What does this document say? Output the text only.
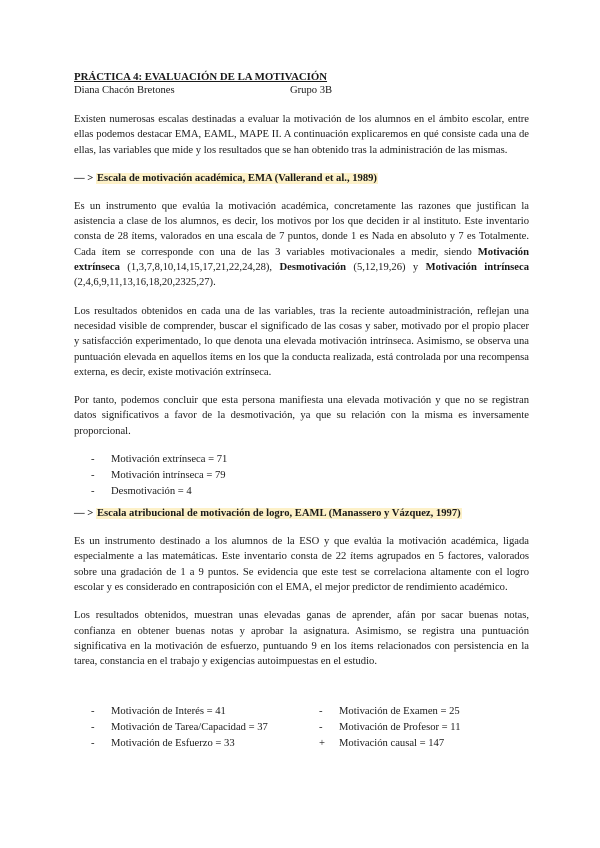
PRÁCTICA 4: EVALUACIÓN DE LA MOTIVACIÓN

Diana Chacón Bretones	Grupo 3B

Existen numerosas escalas destinadas a evaluar la motivación de los alumnos en el ámbito escolar, entre ellas podemos destacar EMA, EAML, MAPE II. A continuación explicaremos en qué consiste cada una de ellas, las variables que mide y los resultados que se han obtenido tras la administración de las mismas.

— > Escala de motivación académica, EMA (Vallerand et al., 1989)

Es un instrumento que evalúa la motivación académica, concretamente las razones que justifican la asistencia a clase de los alumnos, es decir, los motivos por los que deciden ir al instituto. Este inventario consta de 28 ítems, valorados en una escala de 7 puntos, donde 1 es Nada en absoluto y 7 es Totalmente. Cada ítem se corresponde con una de las 3 variables motivacionales a medir, siendo Motivación extrínseca (1,3,7,8,10,14,15,17,21,22,24,28), Desmotivación (5,12,19,26) y Motivación intrínseca (2,4,6,9,11,13,16,18,20,2325,27).

Los resultados obtenidos en cada una de las variables, tras la reciente autoadministración, reflejan una necesidad visible de comprender, buscar el significado de las cosas y saber, motivado por el propio placer y satisfacción experimentado, lo que denota una elevada motivación intrínseca. Asimismo, se observa una puntuación elevada en aquellos ítems en los que la conducta realizada, está controlada por una recompensa externa, es decir, existe motivación extrínseca.

Por tanto, podemos concluir que esta persona manifiesta una elevada motivación y que no se registran datos significativos a favor de la desmotivación, ya que su relación con la misma es inversamente proporcional.

-	Motivación extrínseca = 71
-	Motivación intrínseca = 79
-	Desmotivación = 4

— > Escala atribucional de motivación de logro, EAML (Manassero y Vázquez, 1997)

Es un instrumento destinado a los alumnos de la ESO y que evalúa la motivación académica, ligada especialmente a las matemáticas. Este inventario consta de 22 ítems agrupados en 5 factores, valorados sobre una gradación de 1 a 9 puntos. Se evidencia que este test se correlaciona altamente con el logro escolar y es considerado en contraposición con el EMA, el mejor predictor de rendimiento académico.

Los resultados obtenidos, muestran unas elevadas ganas de aprender, afán por sacar buenas notas, confianza en obtener buenas notas y aprobar la asignatura. Asimismo, se registra una puntuación significativa en la motivación de esfuerzo, puntuando 9 en los ítems relacionados con persistencia en la tarea, constancia en el trabajo y exigencias autoimpuestas en el estudio.

-	Motivación de Interés = 41
-	Motivación de Tarea/Capacidad = 37
-	Motivación de Esfuerzo = 33
-	Motivación de Examen = 25
-	Motivación de Profesor = 11
+	Motivación causal = 147
